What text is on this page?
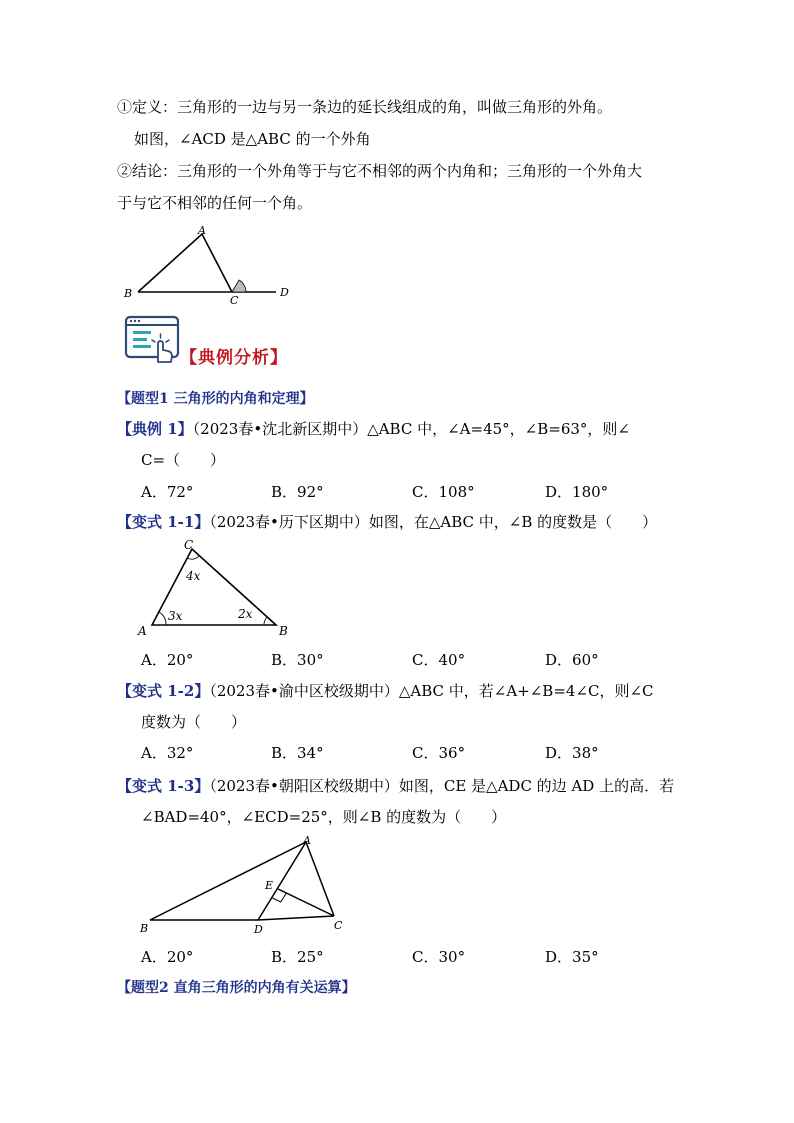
①定义：三角形的一边与另一条边的延长线组成的角，叫做三角形的外角。
如图，∠ACD 是△ABC 的一个外角
②结论：三角形的一个外角等于与它不相邻的两个内角和；三角形的一个外角大
于与它不相邻的任何一个角。
A
B
C
D
【典例分析】
【题型1 三角形的内角和定理】
【典例 1】（2023春•沈北新区期中）△ABC 中，∠A=45°，∠B=63°，则∠
C=（　　）
A．72°	B．92°	C．108°	D．180°
【变式 1-1】（2023春•历下区期中）如图，在△ABC 中，∠B 的度数是（　　）
C
A	B
4x
3x	2x
A．20°	B．30°	C．40°	D．60°
【变式 1-2】（2023春•渝中区校级期中）△ABC 中，若∠A+∠B=4∠C，则∠C
度数为（　　）
A．32°	B．34°	C．36°	D．38°
【变式 1-3】（2023春•朝阳区校级期中）如图，CE 是△ADC 的边 AD 上的高．若
∠BAD=40°，∠ECD=25°，则∠B 的度数为（　　）
A
B	C
D
E
A．20°	B．25°	C．30°	D．35°
【题型2 直角三角形的内角有关运算】
